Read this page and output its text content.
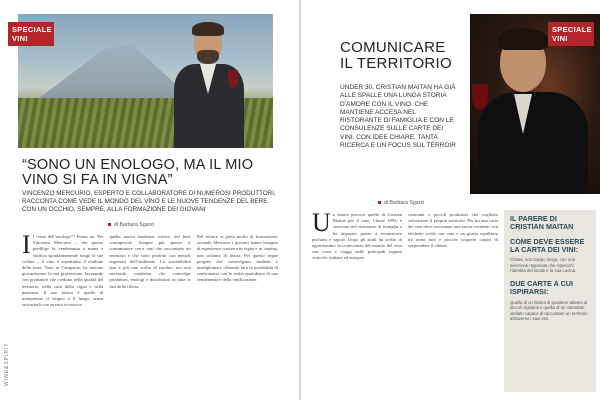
SPECIALE VINI
“SONO UN ENOLOGO, MA IL MIO VINO SI FA IN VIGNA”
VINCENZO MERCURIO, ESPERTO E COLLABORATORE DI NUMEROSI PRODUTTORI, RACCONTA COME VEDE IL MONDO DEL VINO E LE NUOVE TENDENZE DEL BERE. CON UN OCCHIO, SEMPRE, ALLA FORMAZIONE DEI GIOVANI
di Barbara Sgarzi
WINE&SPIRIT
I l “vino dell’enologo”? Penso no. Per Vincenzo Mercurio – che spesso predilige la vendemmia a mano e vinifica spontaneamente lungo le sue colline – il vino è soprattutto il risultato della terra. Nato in Campania, ha iniziato giovanissimo la sua professione, lavorando con produttori che credono nella qualità del territorio, nella cura della vigna e nella pazienza. Il suo lavoro è quello di interpretare il vitigno e il luogo, senza sovrastarli con tecnica eccessiva.
quella nuova tendenza, invece, del bere consapevole. Sempre più spesso il consumatore cerca vini che raccontano un territorio e che sono prodotti con metodi rispettosi dell’ambiente. La sostenibilità non è più una scelta di nicchia, ma una necessità condivisa che coinvolge produttori, enologi e distributori in tutte le fasi della filiera.
Nel settore si parla molto di formazione: secondo Mercurio i giovani hanno bisogno di esperienza concreta in vigna e in cantina, non soltanto di teoria. Per questo segue progetti che coinvolgono studenti e neodiplomati, offrendo loro la possibilità di confrontarsi con la realtà quotidiana di una vendemmia e della vinificazione.
SPECIALE VINI
COMUNICARE IL TERRITORIO
UNDER 30, CRISTIAN MAITAN HA GIÀ ALLE SPALLE UNA LUNGA STORIA D’AMORE CON IL VINO. CHE MANTIENE ACCESA NEL RISTORANTE DI FAMIGLIA E CON LE CONSULENZE SULLE CARTE DEI VINI. CON IDEE CHIARE, TANTA RICERCA E UN FOCUS SUL TERROIR
di Barbara Sgarzi
U n amore precoce quello di Cristian Maitan per il vino. Classe 1993, è cresciuto nel ristorante di famiglia e ha imparato presto a riconoscere profumi e sapori. Dopo gli studi ha scelto di approfondire la conoscenza del mondo del vino con corsi e viaggi nelle principali regioni vinicole, italiane ed europee.
ristoranti e piccoli produttori che vogliono valorizzare il proprio territorio. Per lui una carta dei vini deve raccontare una storia coerente, con etichette scelte con cura e un giusto equilibrio tra nomi noti e piccole scoperte capaci di sorprendere il cliente.
IL PARERE DI CRISTIAN MAITAN
COME DEVE ESSERE LA CARTA DEI VINI:
Chiara, non troppo lunga, con una selezione ragionata che rispecchi l’identità del locale e la sua cucina.
DUE CARTE A CUI ISPIRARSI:
Quella di un bistrot di quartiere attento ai piccoli vignaioli e quella di un ristorante stellato capace di raccontare un territorio attraverso i suoi vini.
